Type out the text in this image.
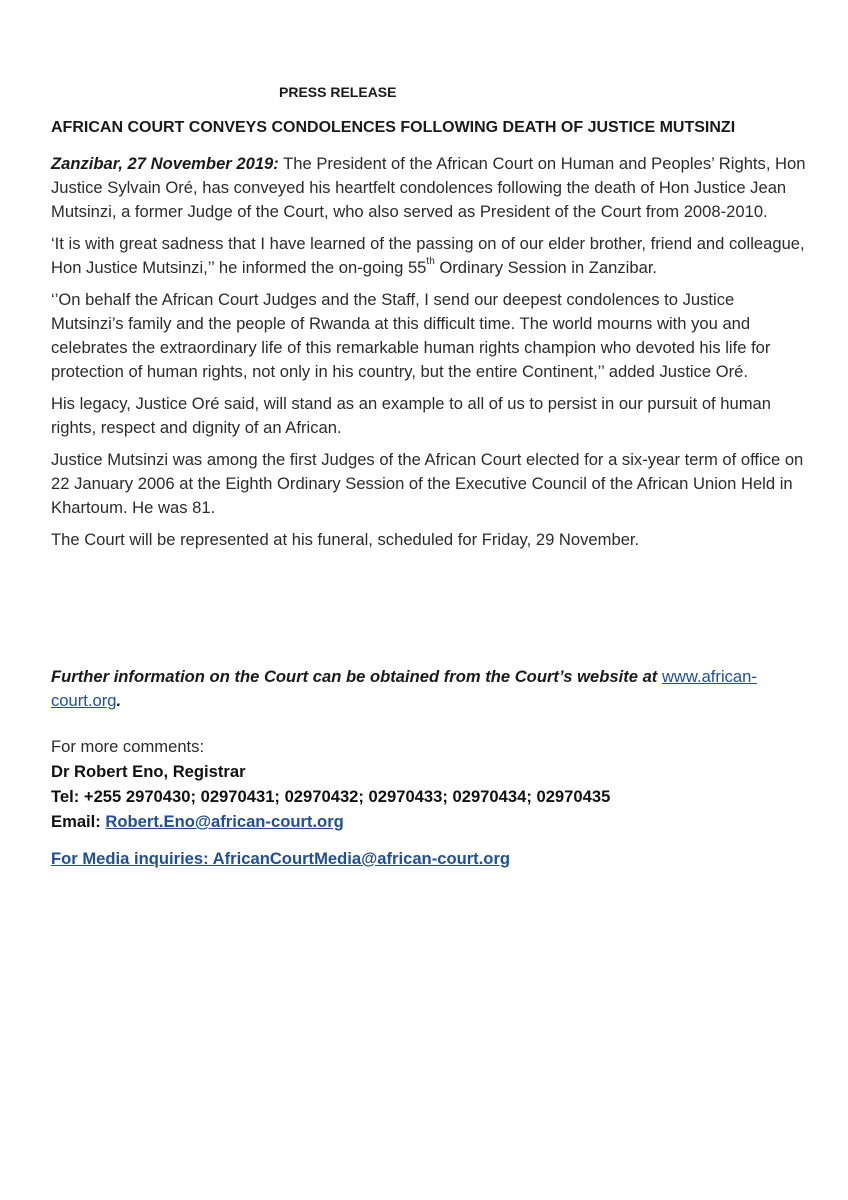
PRESS RELEASE

AFRICAN COURT CONVEYS CONDOLENCES FOLLOWING DEATH OF JUSTICE MUTSINZI

Zanzibar, 27 November 2019: The President of the African Court on Human and Peoples’ Rights, Hon Justice Sylvain Oré, has conveyed his heartfelt condolences following the death of Hon Justice Jean Mutsinzi, a former Judge of the Court, who also served as President of the Court from 2008-2010.

‘It is with great sadness that I have learned of the passing on of our elder brother, friend and colleague, Hon Justice Mutsinzi,’’ he informed the on-going 55th Ordinary Session in Zanzibar.

‘’On behalf the African Court Judges and the Staff, I send our deepest condolences to Justice Mutsinzi’s family and the people of Rwanda at this difficult time. The world mourns with you and celebrates the extraordinary life of this remarkable human rights champion who devoted his life for protection of human rights, not only in his country, but the entire Continent,’’ added Justice Oré.

His legacy, Justice Oré said, will stand as an example to all of us to persist in our pursuit of human rights, respect and dignity of an African.

Justice Mutsinzi was among the first Judges of the African Court elected for a six-year term of office on 22 January 2006 at the Eighth Ordinary Session of the Executive Council of the African Union Held in Khartoum. He was 81.

The Court will be represented at his funeral, scheduled for Friday, 29 November.

Further information on the Court can be obtained from the Court’s website at www.african-court.org.

For more comments:

Dr Robert Eno, Registrar

Tel: +255 2970430; 02970431; 02970432; 02970433; 02970434; 02970435

Email: Robert.Eno@african-court.org

For Media inquiries: AfricanCourtMedia@african-court.org
